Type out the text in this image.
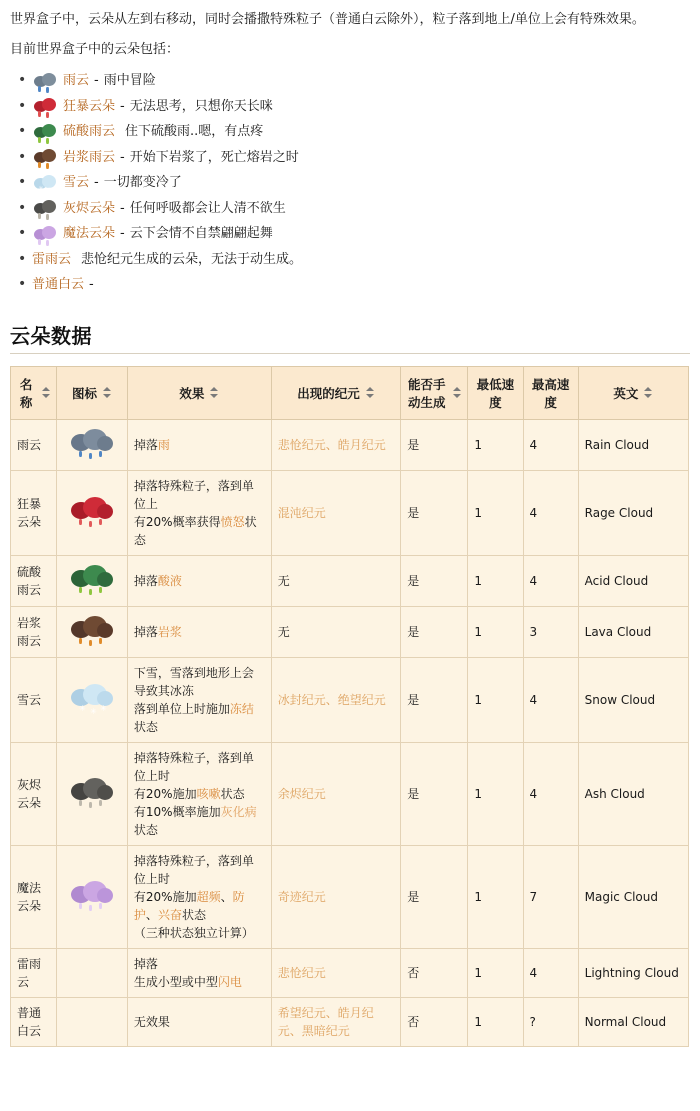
世界盒子中，云朵从左到右移动，同时会播撒特殊粒子（普通白云除外），粒子落到地上/单位上会有特殊效果。

目前世界盒子中的云朵包括：

• 雨云 - 雨中冒险
• 狂暴云朵 - 无法思考，只想你天长咪
• 硫酸雨云 住下硫酸雨..嗯，有点疼
• 岩浆雨云 - 开始下岩浆了，死亡熔岩之时
• ✳ ✳ 雪云 - 一切都变冷了
• 灰烬云朵 - 任何呼吸都会让人清不欲生
• 魔法云朵 - 云下会情不自禁翩翩起舞
• 雷雨云 悲怆纪元生成的云朵，无法于动生成。
• 普通白云 -
云朵数据
名称	图标	效果	出现的纪元	能否手动生成	最低速度	最高速度	英文

雨云		掉落雨	悲怆纪元、皓月纪元	是	1	4	Rain Cloud
狂暴云朵		掉落特殊粒子，落到单位上
有20%概率获得愤怒状态	混沌纪元	是	1	4	Rage Cloud
硫酸雨云		掉落酸液	无	是	1	4	Acid Cloud
岩浆雨云		掉落岩浆	无	是	1	3	Lava Cloud
雪云	✳ ✳ ✳	下雪，雪落到地形上会导致其冰冻
落到单位上时施加冻结状态	冰封纪元、绝望纪元	是	1	4	Snow Cloud
灰烬云朵		掉落特殊粒子，落到单位上时
有20%施加咳嗽状态
有10%概率施加灰化病状态	余烬纪元	是	1	4	Ash Cloud
魔法云朵		掉落特殊粒子，落到单位上时
有20%施加超频、防护、兴奋状态
（三种状态独立计算）	奇迹纪元	是	1	7	Magic Cloud
雷雨云		掉落
生成小型或中型闪电	悲怆纪元	否	1	4	Lightning Cloud
普通白云		无效果	希望纪元、皓月纪元、黑暗纪元	否	1	?	Normal Cloud
